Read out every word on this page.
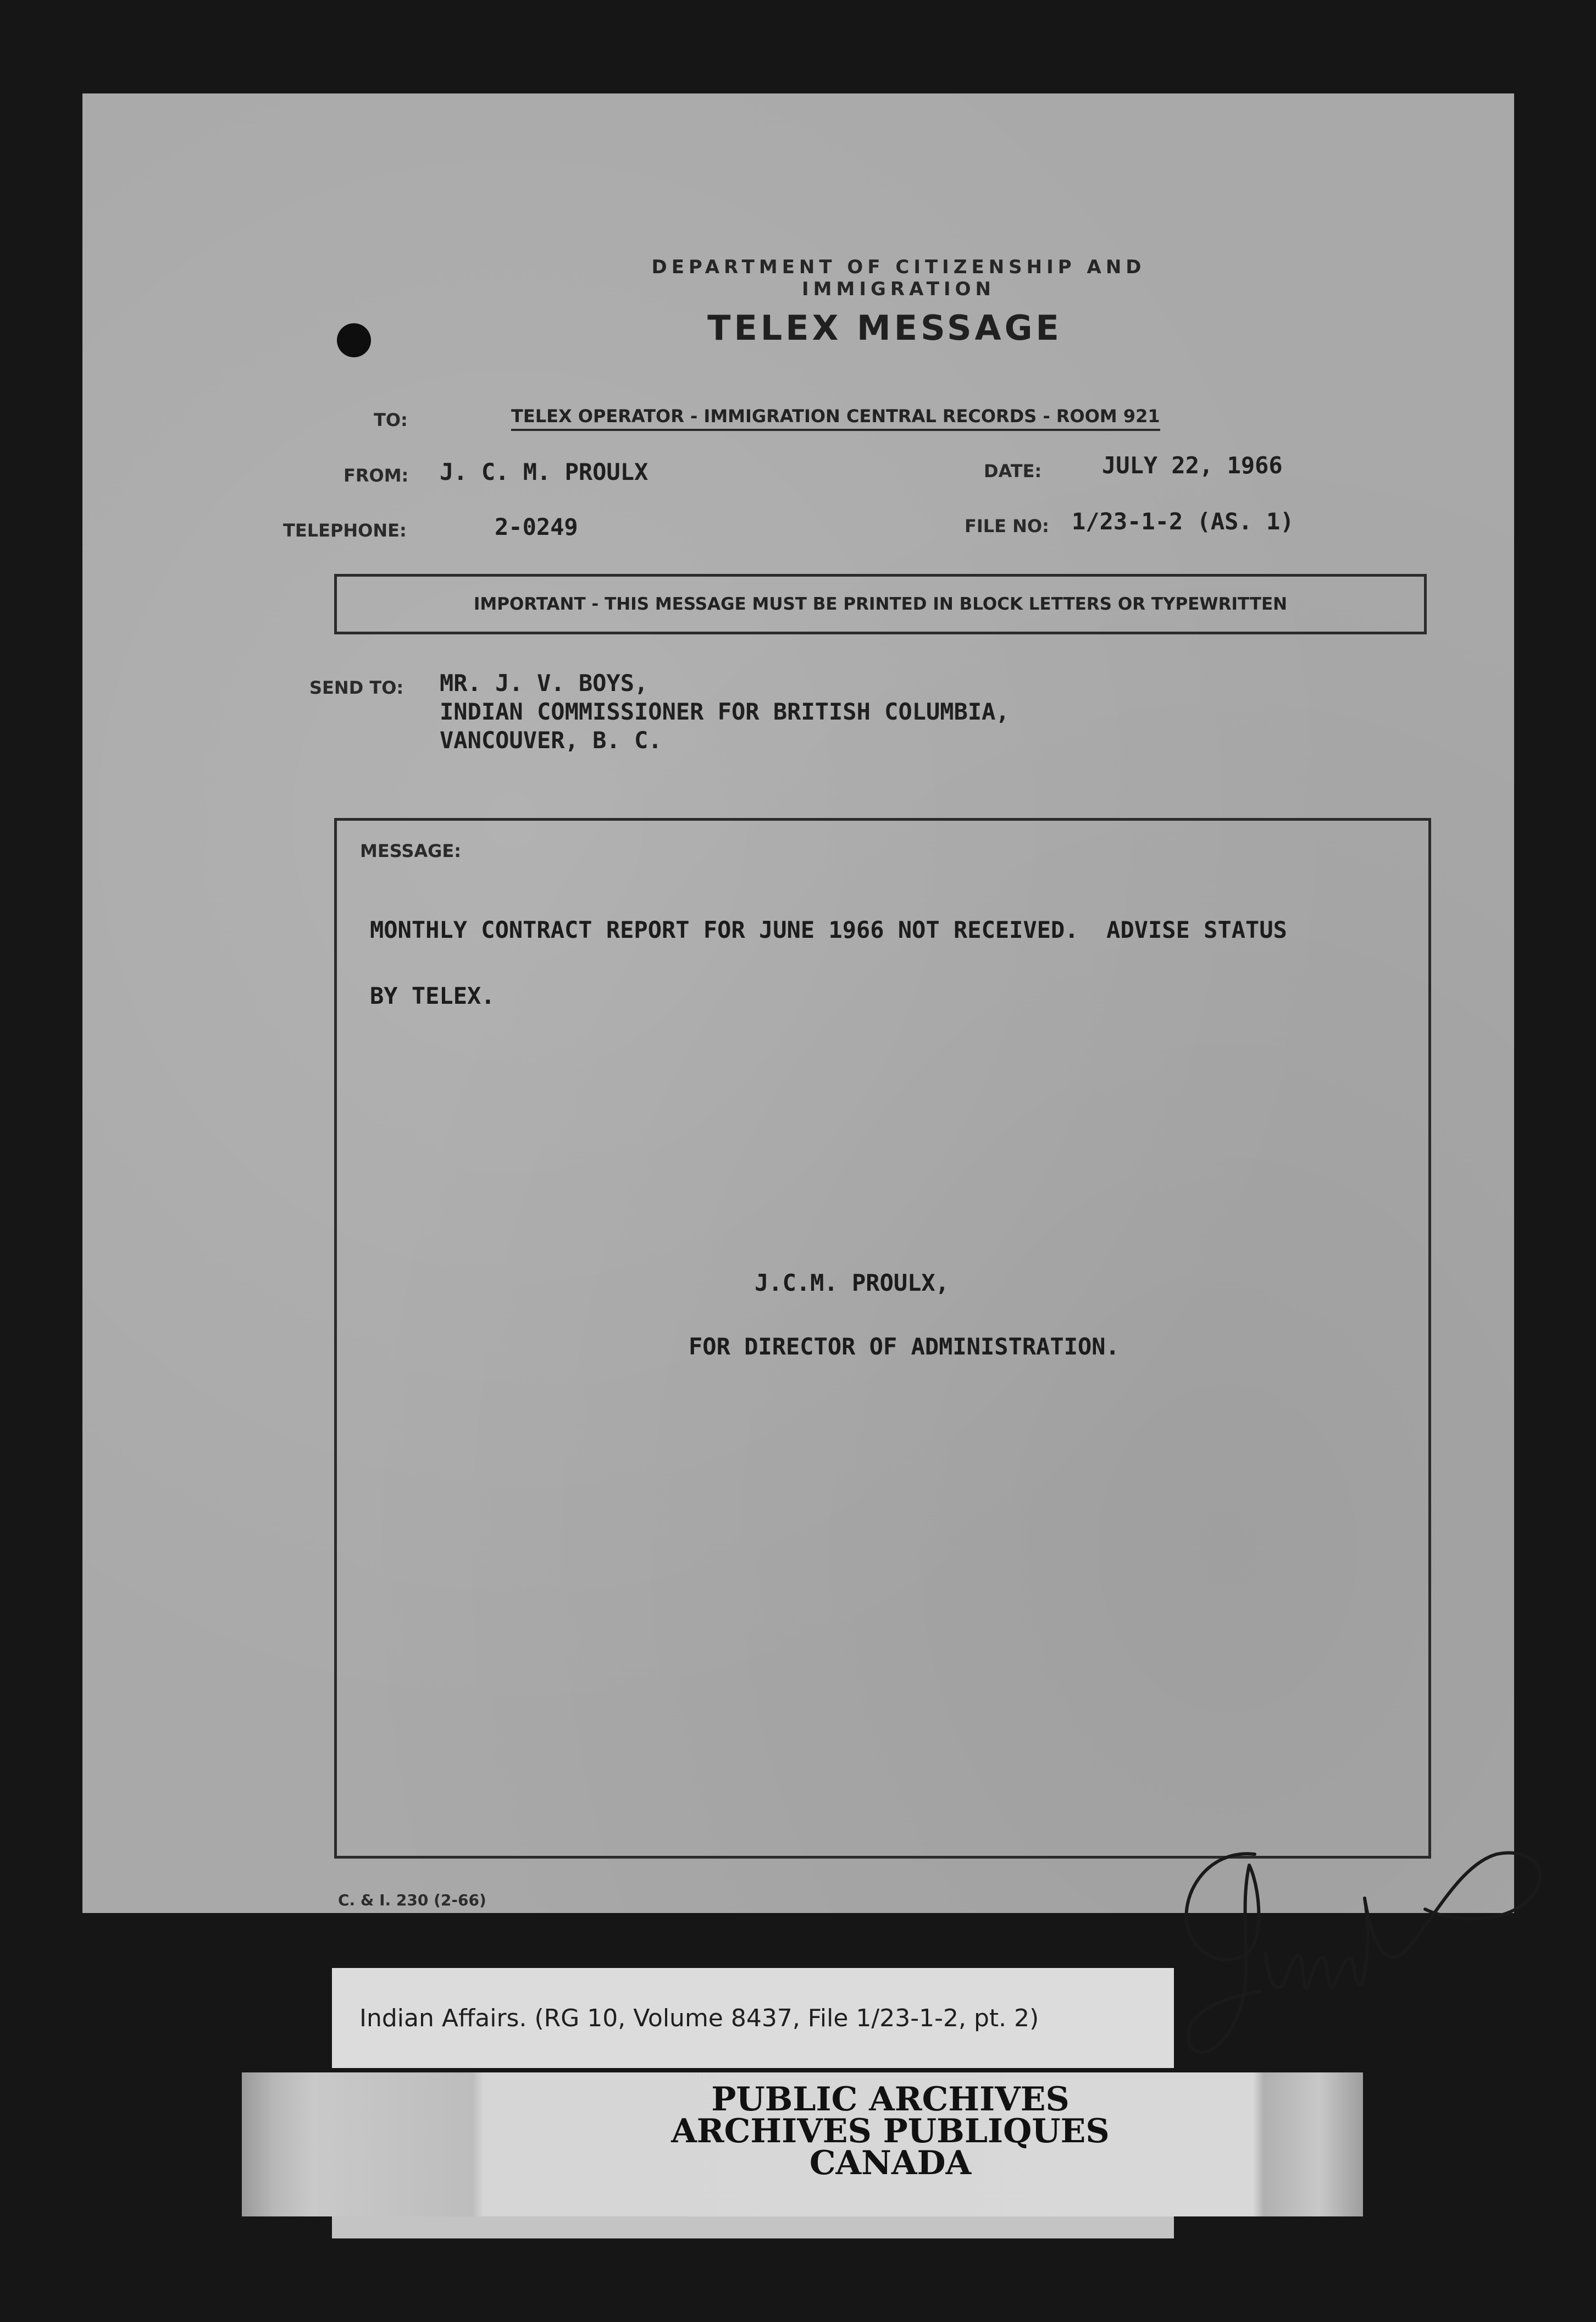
DEPARTMENT OF CITIZENSHIP AND IMMIGRATION
TELEX MESSAGE
TO:	TELEX OPERATOR - IMMIGRATION CENTRAL RECORDS - ROOM 921
FROM: J. C. M. PROULX	DATE:	JULY 22, 1966
TELEPHONE:	2-0249	FILE NO: 1/23-1-2 (AS. 1)
IMPORTANT - THIS MESSAGE MUST BE PRINTED IN BLOCK LETTERS OR TYPEWRITTEN
SEND TO: MR. J. V. BOYS,
INDIAN COMMISSIONER FOR BRITISH COLUMBIA,
VANCOUVER, B. C.
MESSAGE:
MONTHLY CONTRACT REPORT FOR JUNE 1966 NOT RECEIVED.  ADVISE STATUS
BY TELEX.
J.C.M. PROULX,
FOR DIRECTOR OF ADMINISTRATION.
C. & I. 230 (2-66)
Indian Affairs. (RG 10, Volume 8437, File 1/23-1-2, pt. 2)
PUBLIC ARCHIVES
ARCHIVES PUBLIQUES
CANADA
